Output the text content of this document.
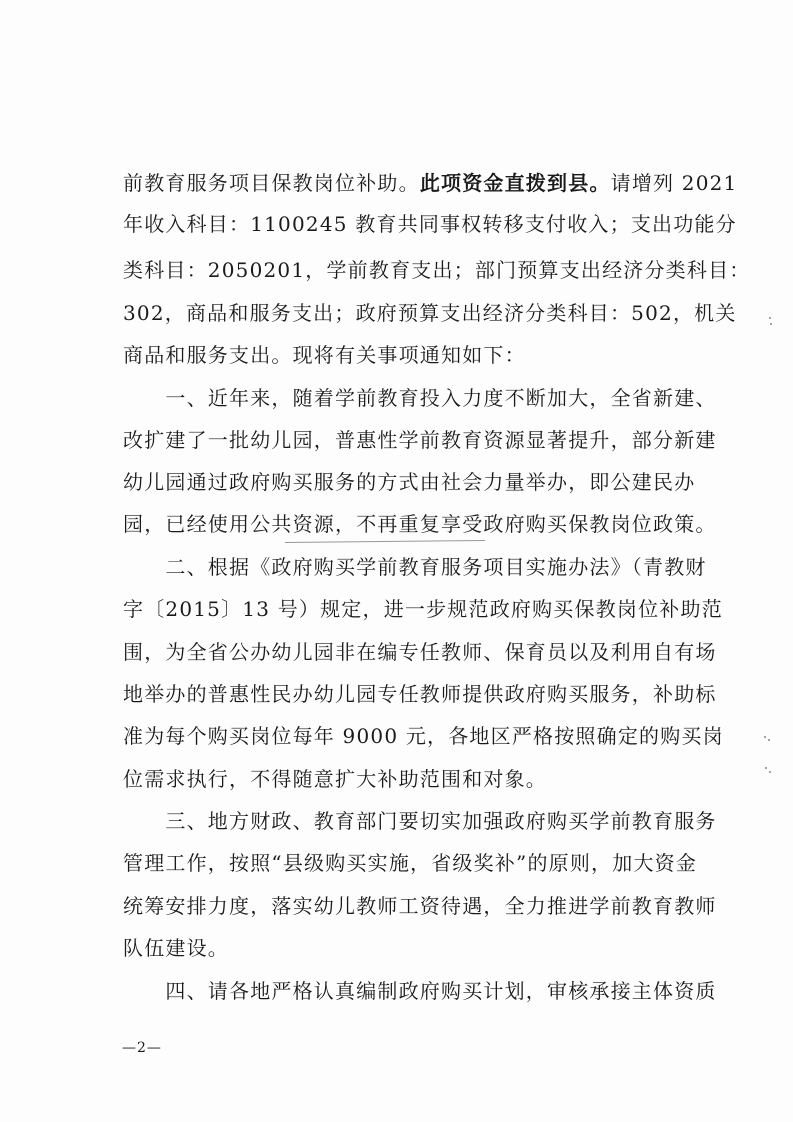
前教育服务项目保教岗位补助。此项资金直拨到县。请增列 2021
年收入科目：1100245 教育共同事权转移支付收入；支出功能分
类科目：2050201，学前教育支出；部门预算支出经济分类科目：
302，商品和服务支出；政府预算支出经济分类科目：502，机关
商品和服务支出。现将有关事项通知如下：
　　一、近年来，随着学前教育投入力度不断加大，全省新建、
改扩建了一批幼儿园，普惠性学前教育资源显著提升，部分新建
幼儿园通过政府购买服务的方式由社会力量举办，即公建民办
园，已经使用公共资源，不再重复享受政府购买保教岗位政策。
　　二、根据《政府购买学前教育服务项目实施办法》（青教财
字〔2015〕13 号）规定，进一步规范政府购买保教岗位补助范
围，为全省公办幼儿园非在编专任教师、保育员以及利用自有场
地举办的普惠性民办幼儿园专任教师提供政府购买服务，补助标
准为每个购买岗位每年 9000 元，各地区严格按照确定的购买岗
位需求执行，不得随意扩大补助范围和对象。
　　三、地方财政、教育部门要切实加强政府购买学前教育服务
管理工作，按照“县级购买实施，省级奖补”的原则，加大资金
统筹安排力度，落实幼儿教师工资待遇，全力推进学前教育教师
队伍建设。
　　四、请各地严格认真编制政府购买计划，审核承接主体资质
—2—
